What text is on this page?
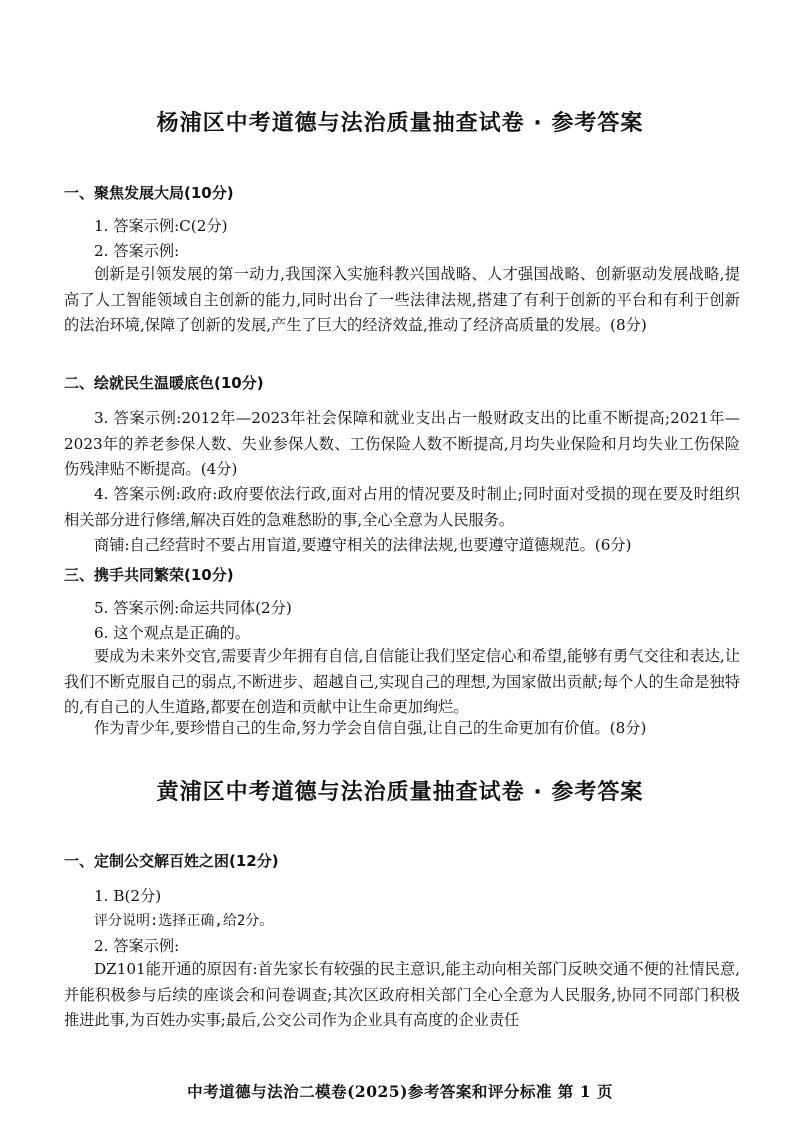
杨浦区中考道德与法治质量抽查试卷 · 参考答案
一、聚焦发展大局(10分)
1. 答案示例:C(2分)
2. 答案示例:
创新是引领发展的第一动力,我国深入实施科教兴国战略、人才强国战略、创新驱动发展战略,提高了人工智能领域自主创新的能力,同时出台了一些法律法规,搭建了有利于创新的平台和有利于创新的法治环境,保障了创新的发展,产生了巨大的经济效益,推动了经济高质量的发展。(8分)
二、绘就民生温暖底色(10分)
3. 答案示例:2012年—2023年社会保障和就业支出占一般财政支出的比重不断提高;2021年—2023年的养老参保人数、失业参保人数、工伤保险人数不断提高,月均失业保险和月均失业工伤保险伤残津贴不断提高。(4分)
4. 答案示例:政府:政府要依法行政,面对占用的情况要及时制止;同时面对受损的现在要及时组织相关部分进行修缮,解决百姓的急难愁盼的事,全心全意为人民服务。
商铺:自己经营时不要占用盲道,要遵守相关的法律法规,也要遵守道德规范。(6分)
三、携手共同繁荣(10分)
5. 答案示例:命运共同体(2分)
6. 这个观点是正确的。
要成为未来外交官,需要青少年拥有自信,自信能让我们坚定信心和希望,能够有勇气交往和表达,让我们不断克服自己的弱点,不断进步、超越自己,实现自己的理想,为国家做出贡献;每个人的生命是独特的,有自己的人生道路,都要在创造和贡献中让生命更加绚烂。
作为青少年,要珍惜自己的生命,努力学会自信自强,让自己的生命更加有价值。(8分)
黄浦区中考道德与法治质量抽查试卷 · 参考答案
一、定制公交解百姓之困(12分)
1. B(2分)
评分说明:选择正确,给2分。
2. 答案示例:
DZ101能开通的原因有:首先家长有较强的民主意识,能主动向相关部门反映交通不便的社情民意,并能积极参与后续的座谈会和问卷调查;其次区政府相关部门全心全意为人民服务,协同不同部门积极推进此事,为百姓办实事;最后,公交公司作为企业具有高度的企业责任
中考道德与法治二模卷(2025)参考答案和评分标准 第 1 页
